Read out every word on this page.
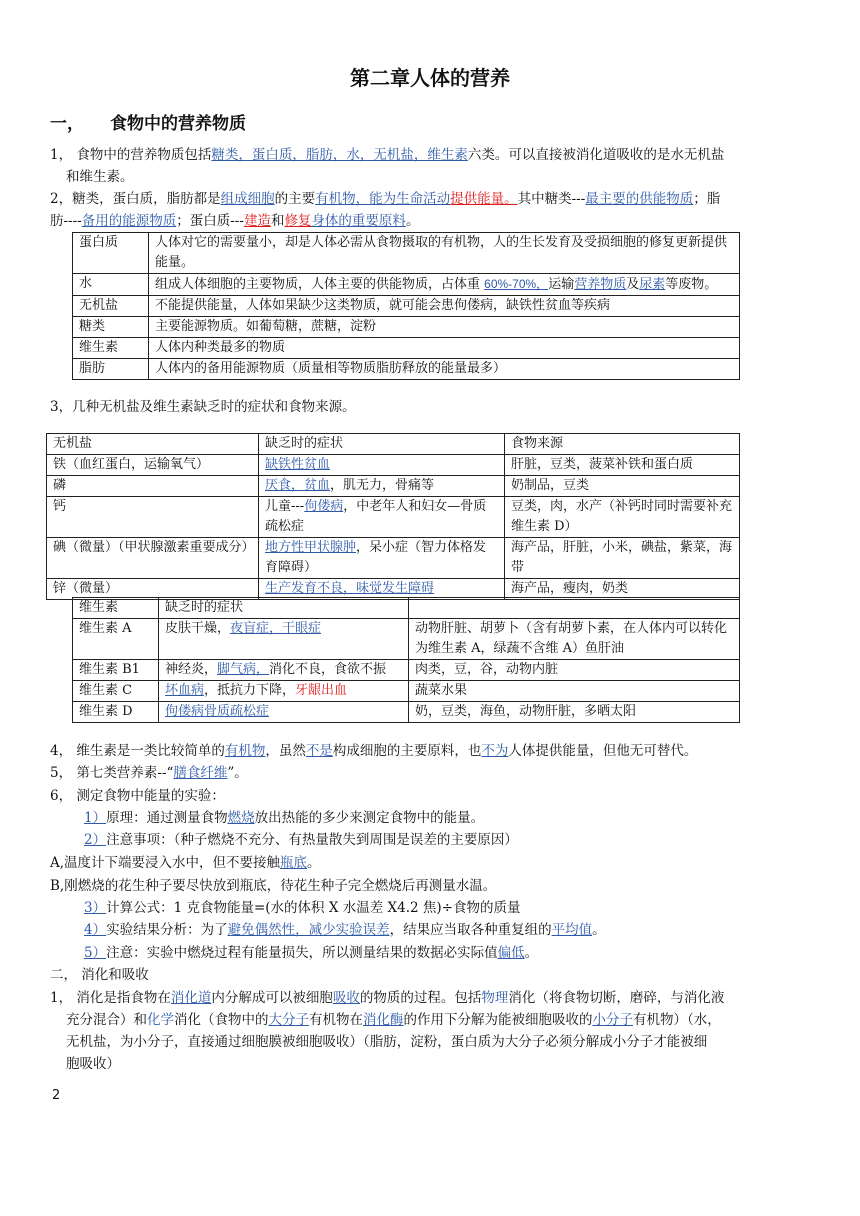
第二章人体的营养
一， 食物中的营养物质
1， 食物中的营养物质包括糖类，蛋白质，脂肪，水，无机盐，维生素六类。可以直接被消化道吸收的是水无机盐
和维生素。
2，糖类，蛋白质，脂肪都是组成细胞的主要有机物，能为生命活动提供能量。其中糖类---最主要的供能物质；脂
肪----备用的能源物质；蛋白质---建造和修复身体的重要原料。
蛋白质	人体对它的需要量小，却是人体必需从食物摄取的有机物，人的生长发育及受损细胞的修复更新提供能量。
水	组成人体细胞的主要物质，人体主要的供能物质，占体重 60%-70%，运输营养物质及尿素等废物。
无机盐	不能提供能量，人体如果缺少这类物质，就可能会患佝偻病，缺铁性贫血等疾病
糖类	主要能源物质。如葡萄糖，蔗糖，淀粉
维生素	人体内种类最多的物质
脂肪	人体内的备用能源物质（质量相等物质脂肪释放的能量最多）
3，几种无机盐及维生素缺乏时的症状和食物来源。
无机盐	缺乏时的症状	食物来源
铁（血红蛋白，运输氧气）	缺铁性贫血	肝脏，豆类，菠菜补铁和蛋白质
磷	厌食，贫血，肌无力，骨痛等	奶制品，豆类
钙	儿童---佝偻病，中老年人和妇女—骨质疏松症	豆类，肉，水产（补钙时同时需要补充维生素 D）
碘（微量）（甲状腺激素重要成分）	地方性甲状腺肿，呆小症（智力体格发育障碍）	海产品，肝脏，小米，碘盐，紫菜，海带
锌（微量）	生产发育不良，味觉发生障碍	海产品，瘦肉，奶类
维生素	缺乏时的症状	
维生素 A	皮肤干燥，夜盲症，干眼症	动物肝脏、胡萝卜（含有胡萝卜素，在人体内可以转化为维生素 A，绿蔬不含维 A）鱼肝油
维生素 B1	神经炎，脚气病，消化不良，食欲不振	肉类，豆，谷，动物内脏
维生素 C	坏血病，抵抗力下降，牙龈出血	蔬菜水果
维生素 D	佝偻病骨质疏松症	奶，豆类，海鱼，动物肝脏，多晒太阳
4， 维生素是一类比较简单的有机物，虽然不是构成细胞的主要原料，也不为人体提供能量，但他无可替代。
5， 第七类营养素--“膳食纤维”。
6， 测定食物中能量的实验：
1）原理：通过测量食物燃烧放出热能的多少来测定食物中的能量。
2）注意事项：（种子燃烧不充分、有热量散失到周围是误差的主要原因）
A,温度计下端要浸入水中，但不要接触瓶底。
B,刚燃烧的花生种子要尽快放到瓶底，待花生种子完全燃烧后再测量水温。
3）计算公式：1 克食物能量=(水的体积 X 水温差 X4.2 焦)÷食物的质量
4）实验结果分析：为了避免偶然性，减少实验误差，结果应当取各种重复组的平均值。
5）注意：实验中燃烧过程有能量损失，所以测量结果的数据必实际值偏低。
二， 消化和吸收
1， 消化是指食物在消化道内分解成可以被细胞吸收的物质的过程。包括物理消化（将食物切断，磨碎，与消化液
充分混合）和化学消化（食物中的大分子有机物在消化酶的作用下分解为能被细胞吸收的小分子有机物）（水，
无机盐，为小分子，直接通过细胞膜被细胞吸收）（脂肪，淀粉，蛋白质为大分子必须分解成小分子才能被细
胞吸收）
2
